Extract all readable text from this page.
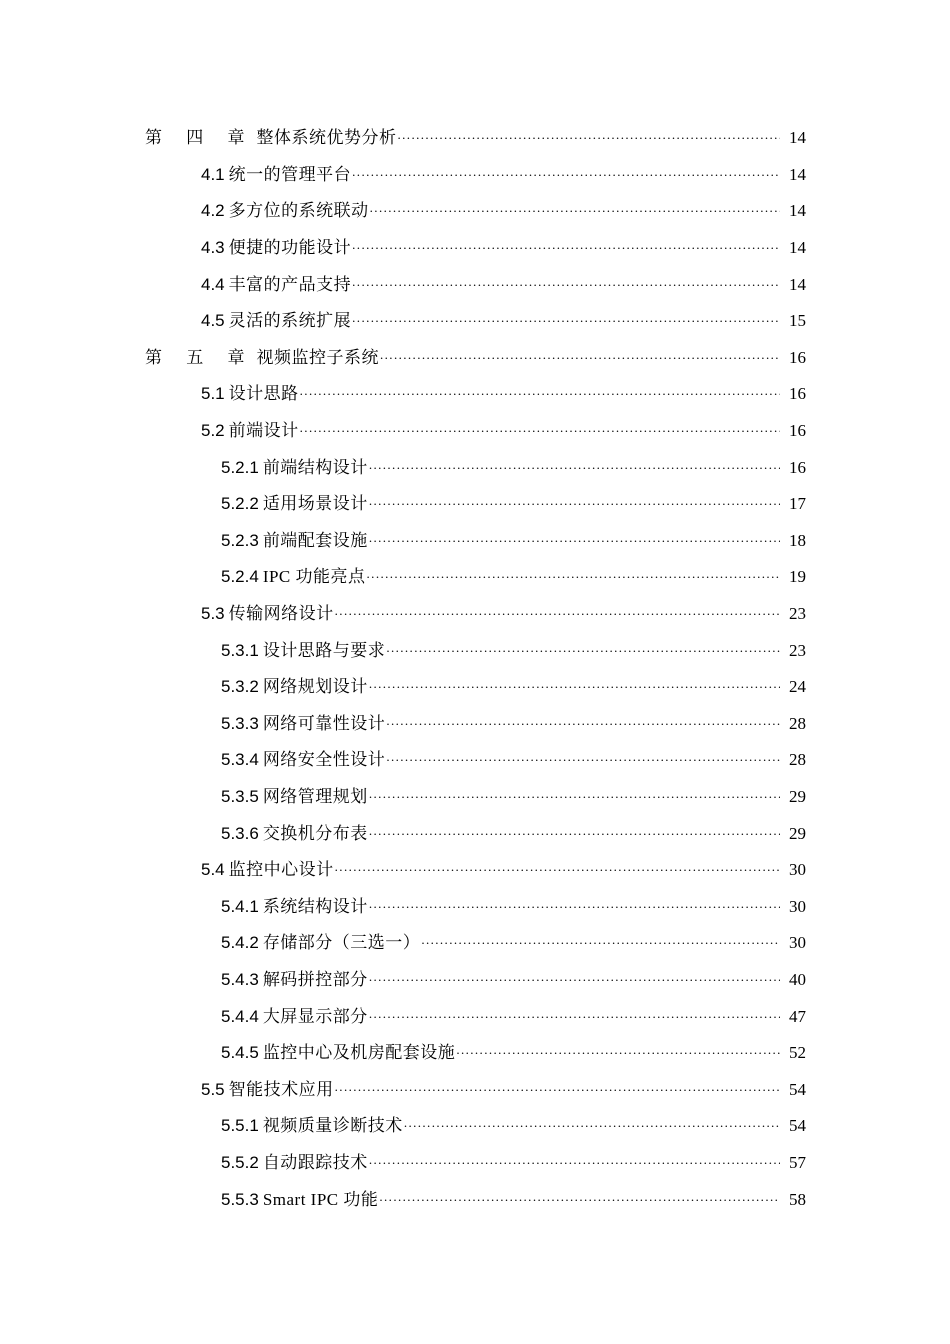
第 四 章 整体系统优势分析 .....	14
4.1 统一的管理平台 .....	14
4.2 多方位的系统联动 .....	14
4.3 便捷的功能设计 .....	14
4.4 丰富的产品支持 .....	14
4.5 灵活的系统扩展 .....	15
第 五 章 视频监控子系统 .....	16
5.1 设计思路 .....	16
5.2 前端设计 .....	16
5.2.1 前端结构设计 .....	16
5.2.2 适用场景设计 .....	17
5.2.3 前端配套设施 .....	18
5.2.4 IPC 功能亮点 .....	19
5.3 传输网络设计 .....	23
5.3.1 设计思路与要求 .....	23
5.3.2 网络规划设计 .....	24
5.3.3 网络可靠性设计 .....	28
5.3.4 网络安全性设计 .....	28
5.3.5 网络管理规划 .....	29
5.3.6 交换机分布表 .....	29
5.4 监控中心设计 .....	30
5.4.1 系统结构设计 .....	30
5.4.2 存储部分（三选一） .....	30
5.4.3 解码拼控部分 .....	40
5.4.4 大屏显示部分 .....	47
5.4.5 监控中心及机房配套设施 .....	52
5.5 智能技术应用 .....	54
5.5.1 视频质量诊断技术 .....	54
5.5.2 自动跟踪技术 .....	57
5.5.3 Smart IPC 功能 .....	58
